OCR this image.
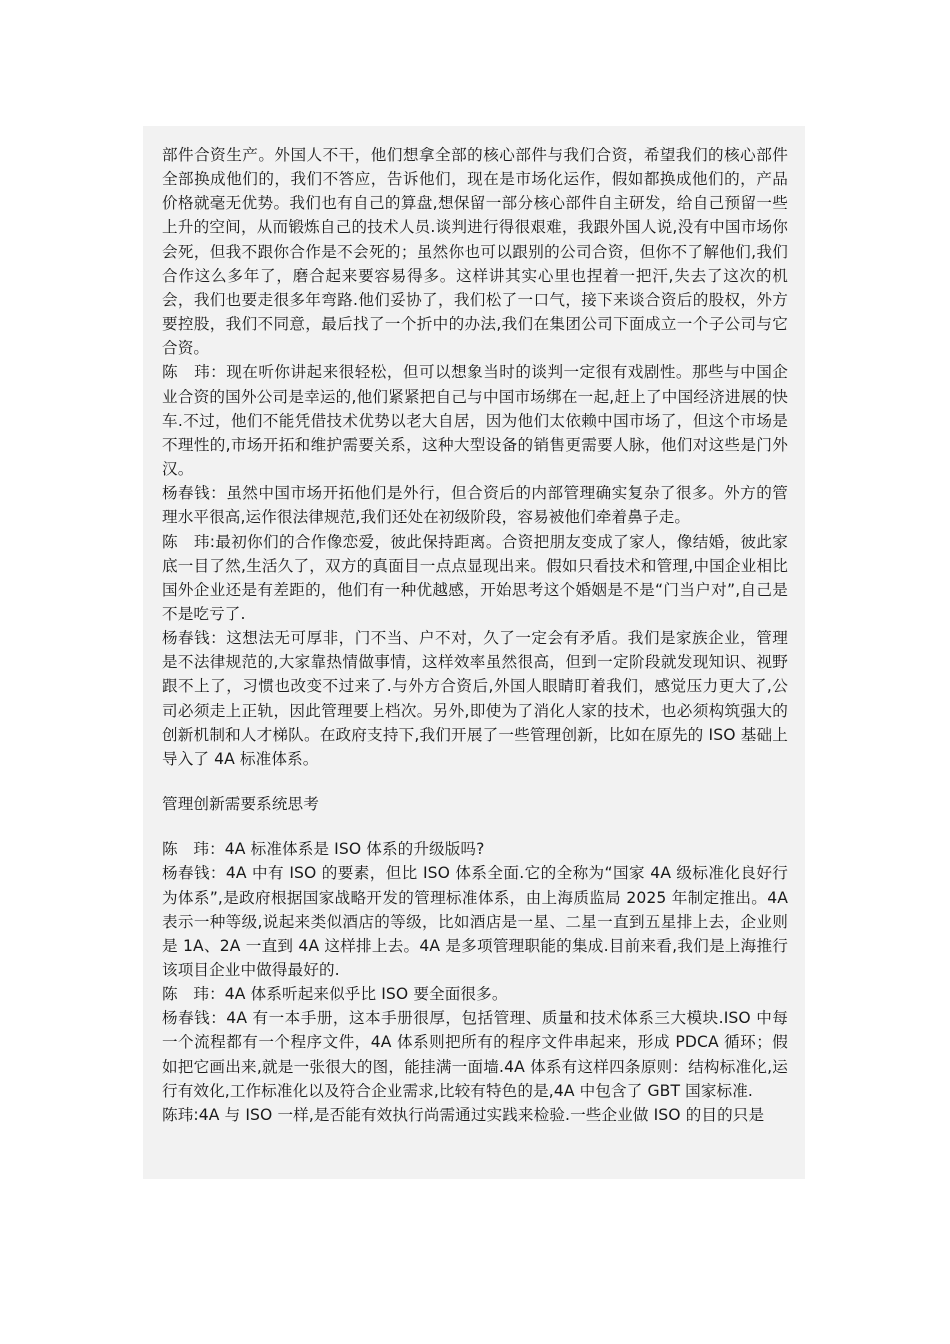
部件合资生产。外国人不干，他们想拿全部的核心部件与我们合资，希望我们的核心部件全部换成他们的，我们不答应，告诉他们，现在是市场化运作，假如都换成他们的，产品价格就毫无优势。我们也有自己的算盘,想保留一部分核心部件自主研发，给自己预留一些上升的空间，从而锻炼自己的技术人员.谈判进行得很艰难，我跟外国人说,没有中国市场你会死，但我不跟你合作是不会死的；虽然你也可以跟别的公司合资，但你不了解他们,我们合作这么多年了，磨合起来要容易得多。这样讲其实心里也捏着一把汗,失去了这次的机会，我们也要走很多年弯路.他们妥协了，我们松了一口气，接下来谈合资后的股权，外方要控股，我们不同意，最后找了一个折中的办法,我们在集团公司下面成立一个子公司与它合资。

陈　玮：现在听你讲起来很轻松，但可以想象当时的谈判一定很有戏剧性。那些与中国企业合资的国外公司是幸运的,他们紧紧把自己与中国市场绑在一起,赶上了中国经济进展的快车.不过，他们不能凭借技术优势以老大自居，因为他们太依赖中国市场了，但这个市场是不理性的,市场开拓和维护需要关系，这种大型设备的销售更需要人脉，他们对这些是门外汉。

杨春钱：虽然中国市场开拓他们是外行，但合资后的内部管理确实复杂了很多。外方的管理水平很高,运作很法律规范,我们还处在初级阶段，容易被他们牵着鼻子走。

陈　玮:最初你们的合作像恋爱，彼此保持距离。合资把朋友变成了家人，像结婚，彼此家底一目了然,生活久了，双方的真面目一点点显现出来。假如只看技术和管理,中国企业相比国外企业还是有差距的，他们有一种优越感，开始思考这个婚姻是不是“门当户对”,自己是不是吃亏了.

杨春钱：这想法无可厚非，门不当、户不对，久了一定会有矛盾。我们是家族企业，管理是不法律规范的,大家靠热情做事情，这样效率虽然很高，但到一定阶段就发现知识、视野跟不上了，习惯也改变不过来了.与外方合资后,外国人眼睛盯着我们，感觉压力更大了,公司必须走上正轨，因此管理要上档次。另外,即使为了消化人家的技术，也必须构筑强大的创新机制和人才梯队。在政府支持下,我们开展了一些管理创新，比如在原先的 ISO 基础上导入了 4A 标准体系。

管理创新需要系统思考

陈　玮：4A 标准体系是 ISO 体系的升级版吗?

杨春钱：4A 中有 ISO 的要素，但比 ISO 体系全面.它的全称为“国家 4A 级标准化良好行为体系”,是政府根据国家战略开发的管理标准体系，由上海质监局 2025 年制定推出。4A 表示一种等级,说起来类似酒店的等级，比如酒店是一星、二星一直到五星排上去，企业则是 1A、2A 一直到 4A 这样排上去。4A 是多项管理职能的集成.目前来看,我们是上海推行该项目企业中做得最好的.

陈　玮：4A 体系听起来似乎比 ISO 要全面很多。

杨春钱：4A 有一本手册，这本手册很厚，包括管理、质量和技术体系三大模块.ISO 中每一个流程都有一个程序文件，4A 体系则把所有的程序文件串起来，形成 PDCA 循环；假如把它画出来,就是一张很大的图，能挂满一面墙.4A 体系有这样四条原则：结构标准化,运行有效化,工作标准化以及符合企业需求,比较有特色的是,4A 中包含了 GBT 国家标准.

陈玮:4A 与 ISO 一样,是否能有效执行尚需通过实践来检验.一些企业做 ISO 的目的只是
